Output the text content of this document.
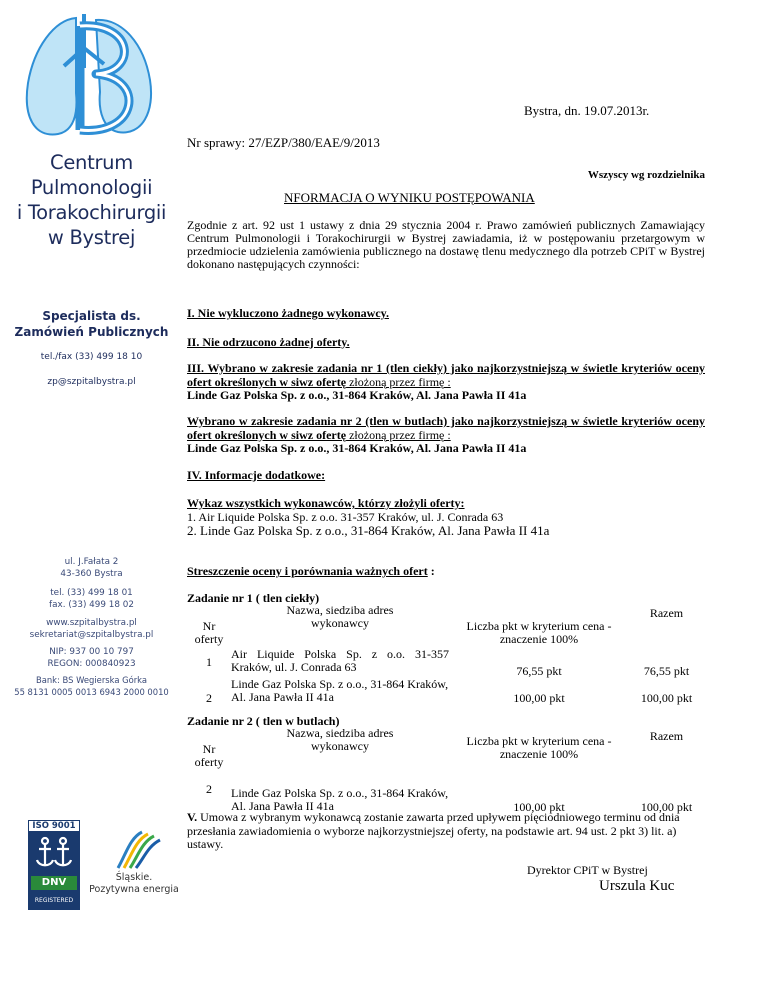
Centrum
Pulmonologii
i Torakochirurgii
w Bystrej
Specjalista ds.
Zamówień Publicznych
tel./fax (33) 499 18 10
zp@szpitalbystra.pl
ul. J.Fałata 2
43-360 Bystra
tel. (33) 499 18 01
fax. (33) 499 18 02
www.szpitalbystra.pl
sekretariat@szpitalbystra.pl
NIP: 937 00 10 797
REGON: 000840923
Bank: BS Wegierska Górka
55 8131 0005 0013 6943 2000 0010
ISO 9001
DNV
REGISTERED
Śląskie.
Pozytywna energia
Bystra, dn. 19.07.2013r.
Nr sprawy: 27/EZP/380/EAE/9/2013
Wszyscy wg rozdzielnika
NFORMACJA O WYNIKU POSTĘPOWANIA
Zgodnie z art. 92 ust 1 ustawy z dnia 29 stycznia 2004 r. Prawo zamówień publicznych Zamawiający Centrum Pulmonologii i Torakochirurgii w Bystrej zawiadamia, iż w postępowaniu przetargowym w przedmiocie udzielenia zamówienia publicznego na dostawę tlenu medycznego dla potrzeb CPiT w Bystrej dokonano następujących czynności:
I. Nie wykluczono żadnego wykonawcy.
II. Nie odrzucono żadnej oferty.
III. Wybrano w zakresie zadania nr 1 (tlen ciekły) jako najkorzystniejszą w świetle kryteriów oceny ofert określonych w siwz ofertę złożoną przez firmę :
Linde Gaz Polska Sp. z o.o., 31-864 Kraków, Al. Jana Pawła II 41a
Wybrano w zakresie zadania nr 2 (tlen w butlach) jako najkorzystniejszą w świetle kryteriów oceny ofert określonych w siwz ofertę złożoną przez firmę :
Linde Gaz Polska Sp. z o.o., 31-864 Kraków, Al. Jana Pawła II 41a
IV. Informacje dodatkowe:
Wykaz wszystkich wykonawców, którzy złożyli oferty:
1. Air Liquide Polska Sp. z o.o. 31-357 Kraków, ul. J. Conrada 63
2. Linde Gaz Polska Sp. z o.o., 31-864 Kraków, Al. Jana Pawła II 41a
Streszczenie oceny i porównania ważnych ofert :
Zadanie nr 1 ( tlen ciekły)
Nr oferty	Nazwa, siedziba adres wykonawcy	Liczba pkt w kryterium cena - znaczenie 100%	Razem
1	Air Liquide Polska Sp. z o.o. 31-357 Kraków, ul. J. Conrada 63	76,55 pkt	76,55 pkt
2	Linde Gaz Polska Sp. z o.o., 31-864 Kraków, Al. Jana Pawła II 41a	100,00 pkt	100,00 pkt
Zadanie nr 2 ( tlen w butlach)
Nr oferty	Nazwa, siedziba adres wykonawcy	Liczba pkt w kryterium cena - znaczenie 100%	Razem
2	Linde Gaz Polska Sp. z o.o., 31-864 Kraków, Al. Jana Pawła II 41a	100,00 pkt	100,00 pkt
V. Umowa z wybranym wykonawcą zostanie zawarta przed upływem pięciodniowego terminu od dnia przesłania zawiadomienia o wyborze najkorzystniejszej oferty, na podstawie art. 94 ust. 2 pkt 3) lit. a) ustawy.
Dyrektor CPiT w Bystrej
Urszula Kuc
